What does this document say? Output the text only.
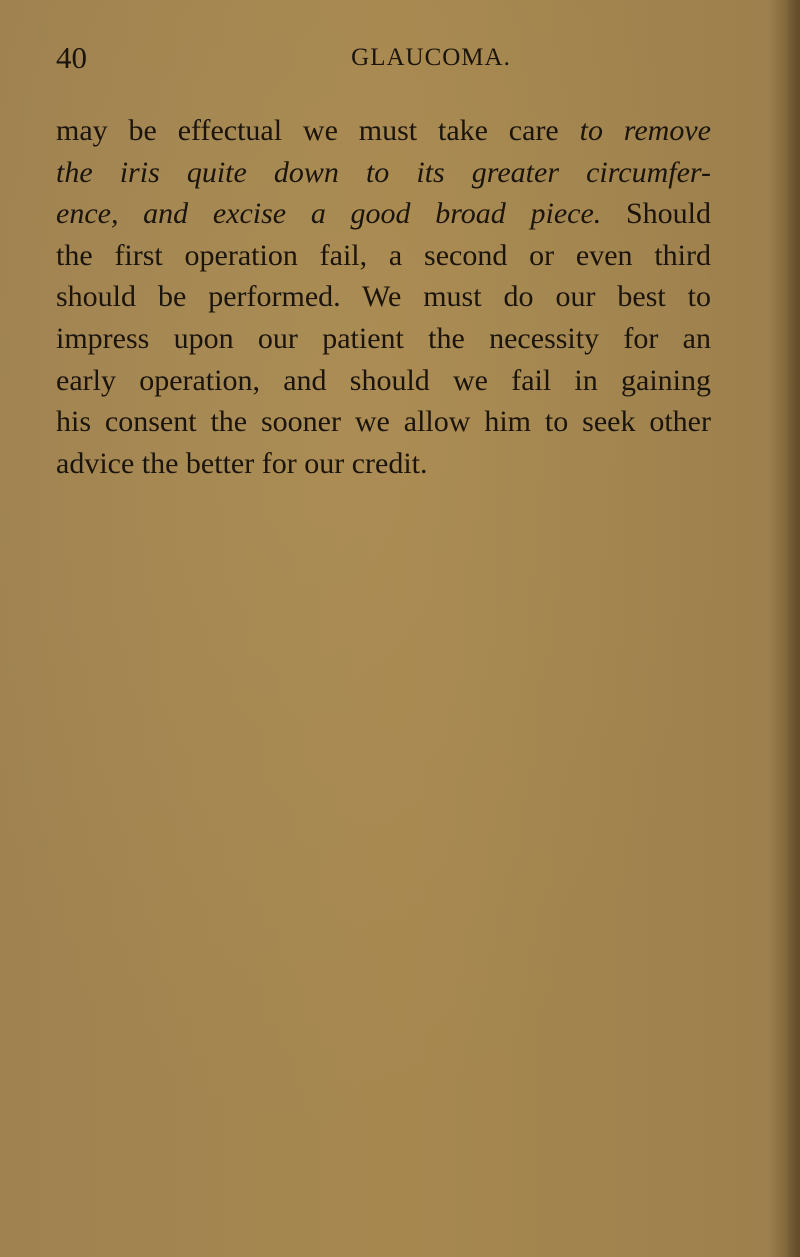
40	GLAUCOMA.
may be effectual we must take care to remove
the iris quite down to its greater circumfer-
ence, and excise a good broad piece. Should
the first operation fail, a second or even third
should be performed. We must do our best to
impress upon our patient the necessity for an
early operation, and should we fail in gaining
his consent the sooner we allow him to seek other
advice the better for our credit.
